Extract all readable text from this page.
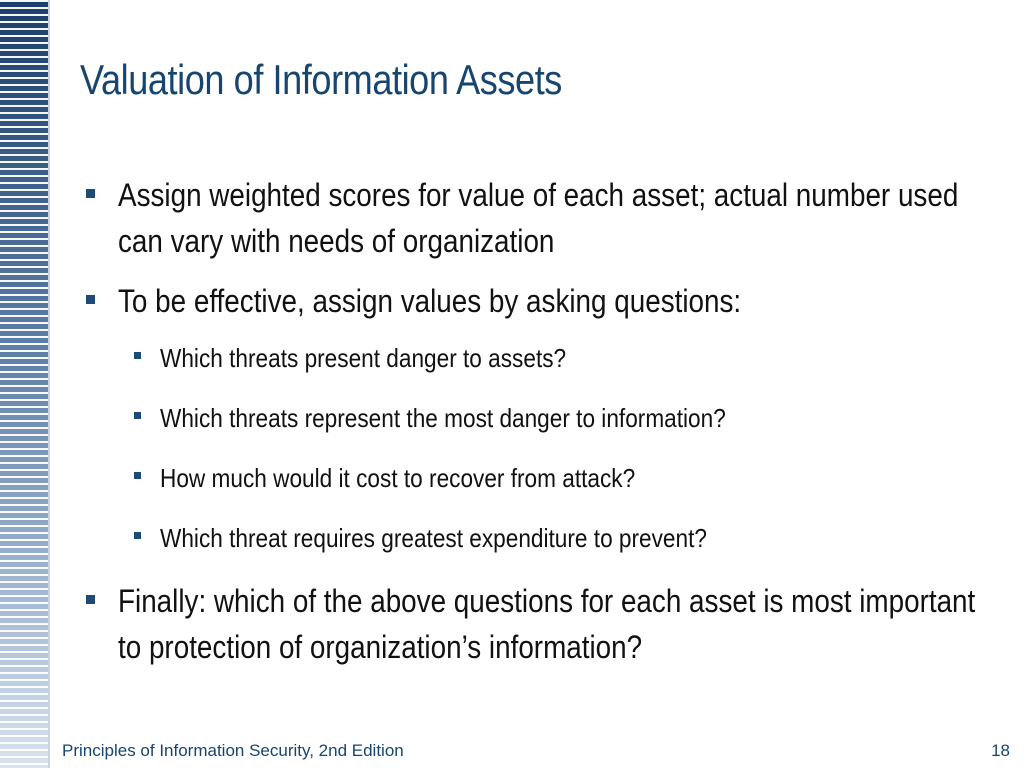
Valuation of Information Assets
Assign weighted scores for value of each asset; actual number used can vary with needs of organization
To be effective, assign values by asking questions:
Which threats present danger to assets?
Which threats represent the most danger to information?
How much would it cost to recover from attack?
Which threat requires greatest expenditure to prevent?
Finally: which of the above questions for each asset is most important to protection of organization’s information?
Principles of Information Security, 2nd Edition	18
